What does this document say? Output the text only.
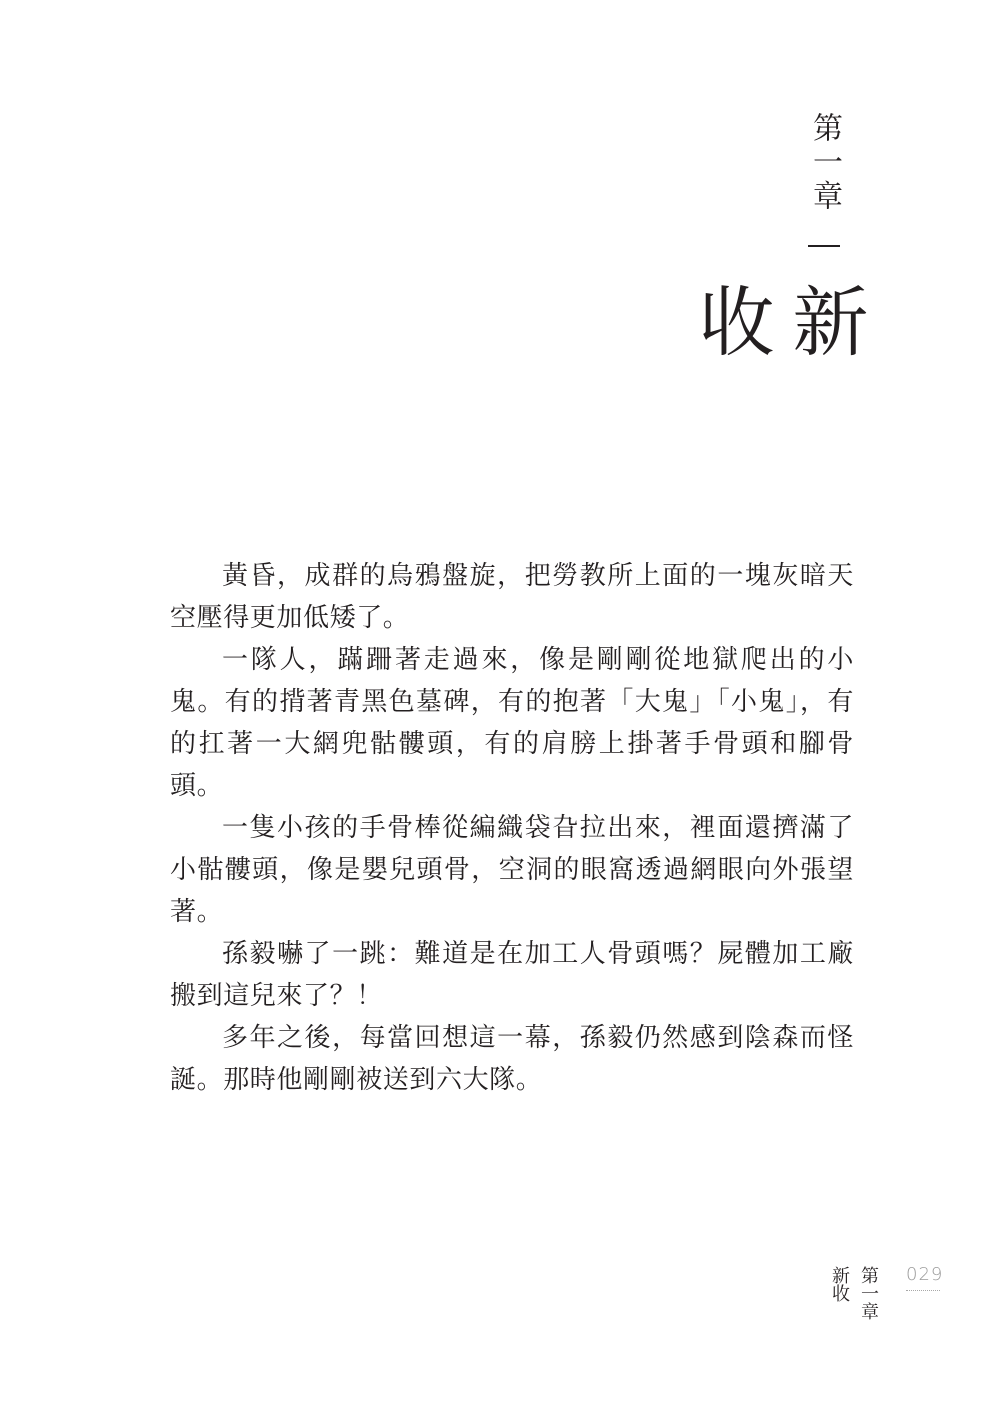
第一章
新收

黃昏，成群的烏鴉盤旋，把勞教所上面的一塊灰暗天空壓得更加低矮了。

一隊人，蹣跚著走過來，像是剛剛從地獄爬出的小鬼。有的揹著青黑色墓碑，有的抱著「大鬼」「小鬼」，有的扛著一大網兜骷髏頭，有的肩膀上掛著手骨頭和腳骨頭。

一隻小孩的手骨棒從編織袋旮拉出來，裡面還擠滿了小骷髏頭，像是嬰兒頭骨，空洞的眼窩透過網眼向外張望著。

孫毅嚇了一跳：難道是在加工人骨頭嗎？屍體加工廠搬到這兒來了？！

多年之後，每當回想這一幕，孫毅仍然感到陰森而怪誕。那時他剛剛被送到六大隊。

新收 第一章 029
